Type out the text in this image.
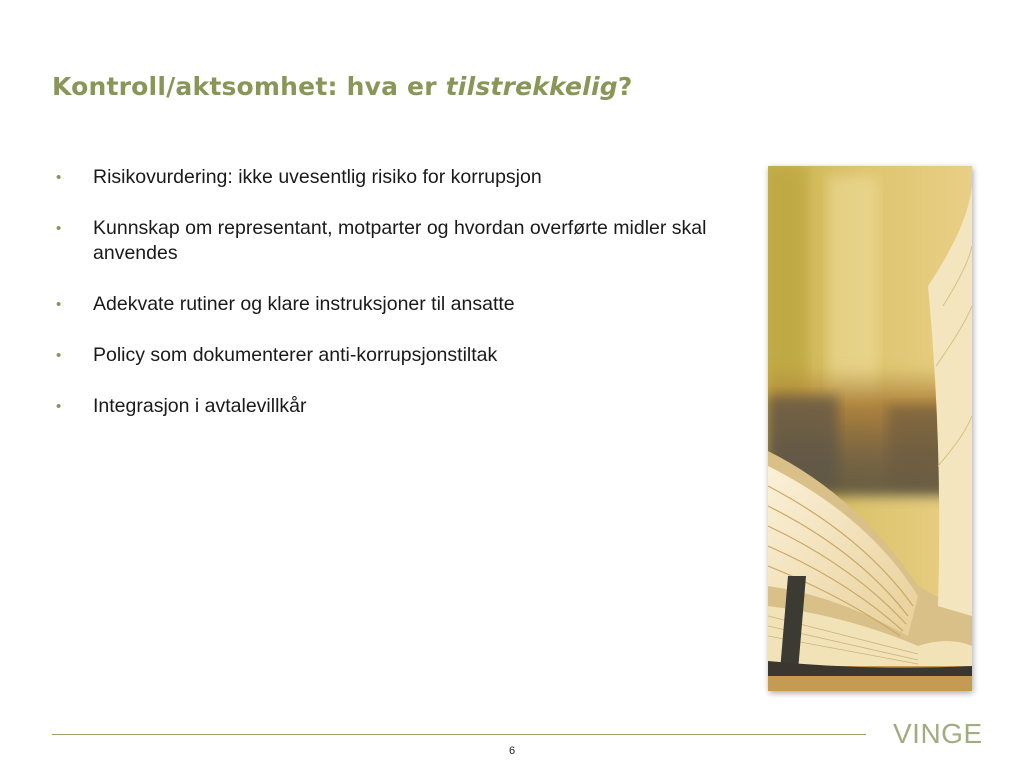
Kontroll/aktsomhet: hva er tilstrekkelig?
• Risikovurdering: ikke uvesentlig risiko for korrupsjon
• Kunnskap om representant, motparter og hvordan overførte midler skal anvendes
• Adekvate rutiner og klare instruksjoner til ansatte
• Policy som dokumenterer anti-korrupsjonstiltak
• Integrasjon i avtalevillkår
6
VINGE
